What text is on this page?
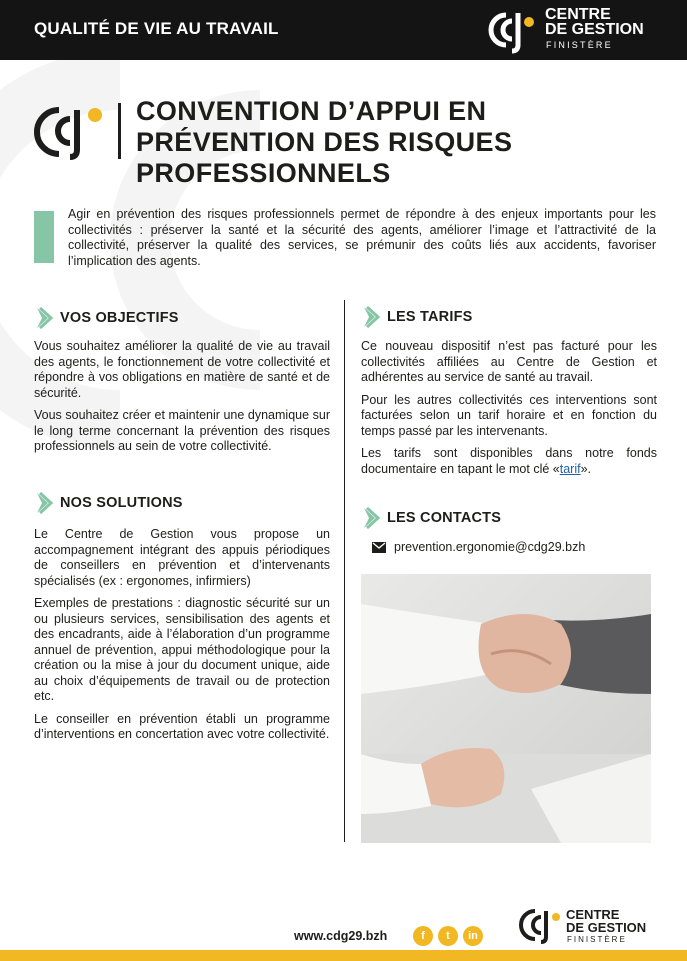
QUALITÉ DE VIE AU TRAVAIL
CENTRE
DE GESTION
FINISTÈRE
CONVENTION D’APPUI EN
PRÉVENTION DES RISQUES
PROFESSIONNELS

Agir en prévention des risques professionnels permet de répondre à des enjeux importants pour les collectivités : préserver la santé et la sécurité des agents, améliorer l’image et l’attractivité de la collectivité, préserver la qualité des services, se prémunir des coûts liés aux accidents, favoriser l’implication des agents.

VOS OBJECTIFS

Vous souhaitez améliorer la qualité de vie au travail des agents, le fonctionnement de votre collectivité et répondre à vos obligations en matière de santé et de sécurité.

Vous souhaitez créer et maintenir une dynamique sur le long terme concernant la prévention des risques professionnels au sein de votre collectivité.

NOS SOLUTIONS

Le Centre de Gestion vous propose un accompagnement intégrant des appuis périodiques de conseillers en prévention et d’intervenants spécialisés (ex : ergonomes, infirmiers)

Exemples de prestations : diagnostic sécurité sur un ou plusieurs services, sensibilisation des agents et des encadrants, aide à l’élaboration d’un programme annuel de prévention, appui méthodologique pour la création ou la mise à jour du document unique, aide au choix d’équipements de travail ou de protection etc.

Le conseiller en prévention établi un programme d’interventions en concertation avec votre collectivité.

LES TARIFS

Ce nouveau dispositif n’est pas facturé pour les collectivités affiliées au Centre de Gestion et adhérentes au service de santé au travail.

Pour les autres collectivités ces interventions sont facturées selon un tarif horaire et en fonction du temps passé par les intervenants.

Les tarifs sont disponibles dans notre fonds documentaire en tapant le mot clé «tarif».

LES CONTACTS
prevention.ergonomie@cdg29.bzh
www.cdg29.bzh	f	t	in
CENTRE
DE GESTION
FINISTÈRE
